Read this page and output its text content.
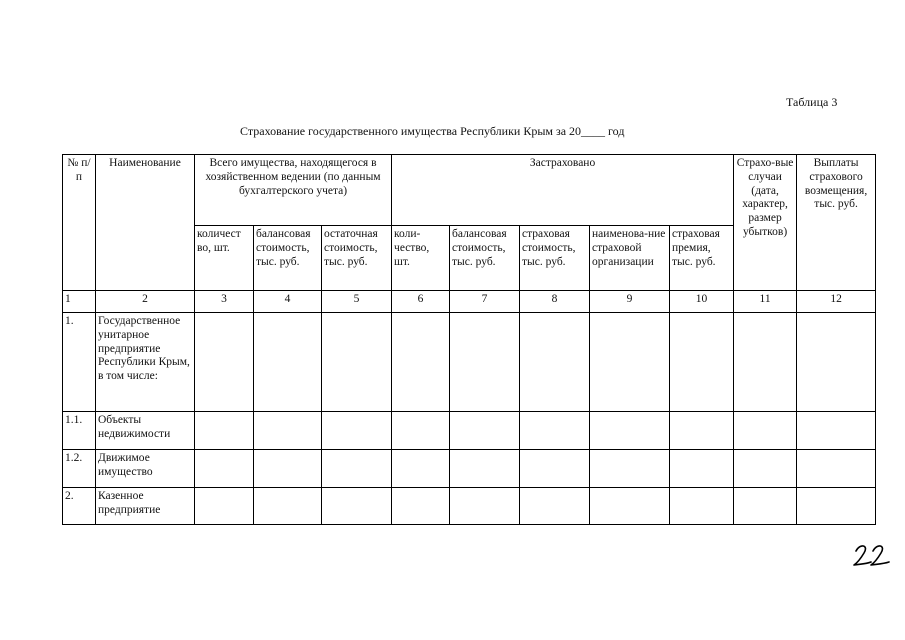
Таблица 3
Страхование государственного имущества Республики Крым за 20____ год
№ п/п	Наименование	Всего имущества, находящегося в хозяйственном ведении (по данным бухгалтерского учета)			Застраховано					Страхо-вые случаи (дата, характер, размер убытков)	Выплаты страхового возмещения, тыс. руб.
		количест во, шт.	балансовая стоимость, тыс. руб.	остаточная стоимость, тыс. руб.	коли-чество, шт.	балансовая стоимость, тыс. руб.	страховая стоимость, тыс. руб.	наименова-ние страховой организации	страховая премия, тыс. руб.		
1	2	3	4	5	6	7	8	9	10	11	12
1.	Государственное унитарное предприятие Республики Крым, в том числе:										
1.1.	Объекты недвижимости										
1.2.	Движимое имущество										
2.	Казенное предприятие										
